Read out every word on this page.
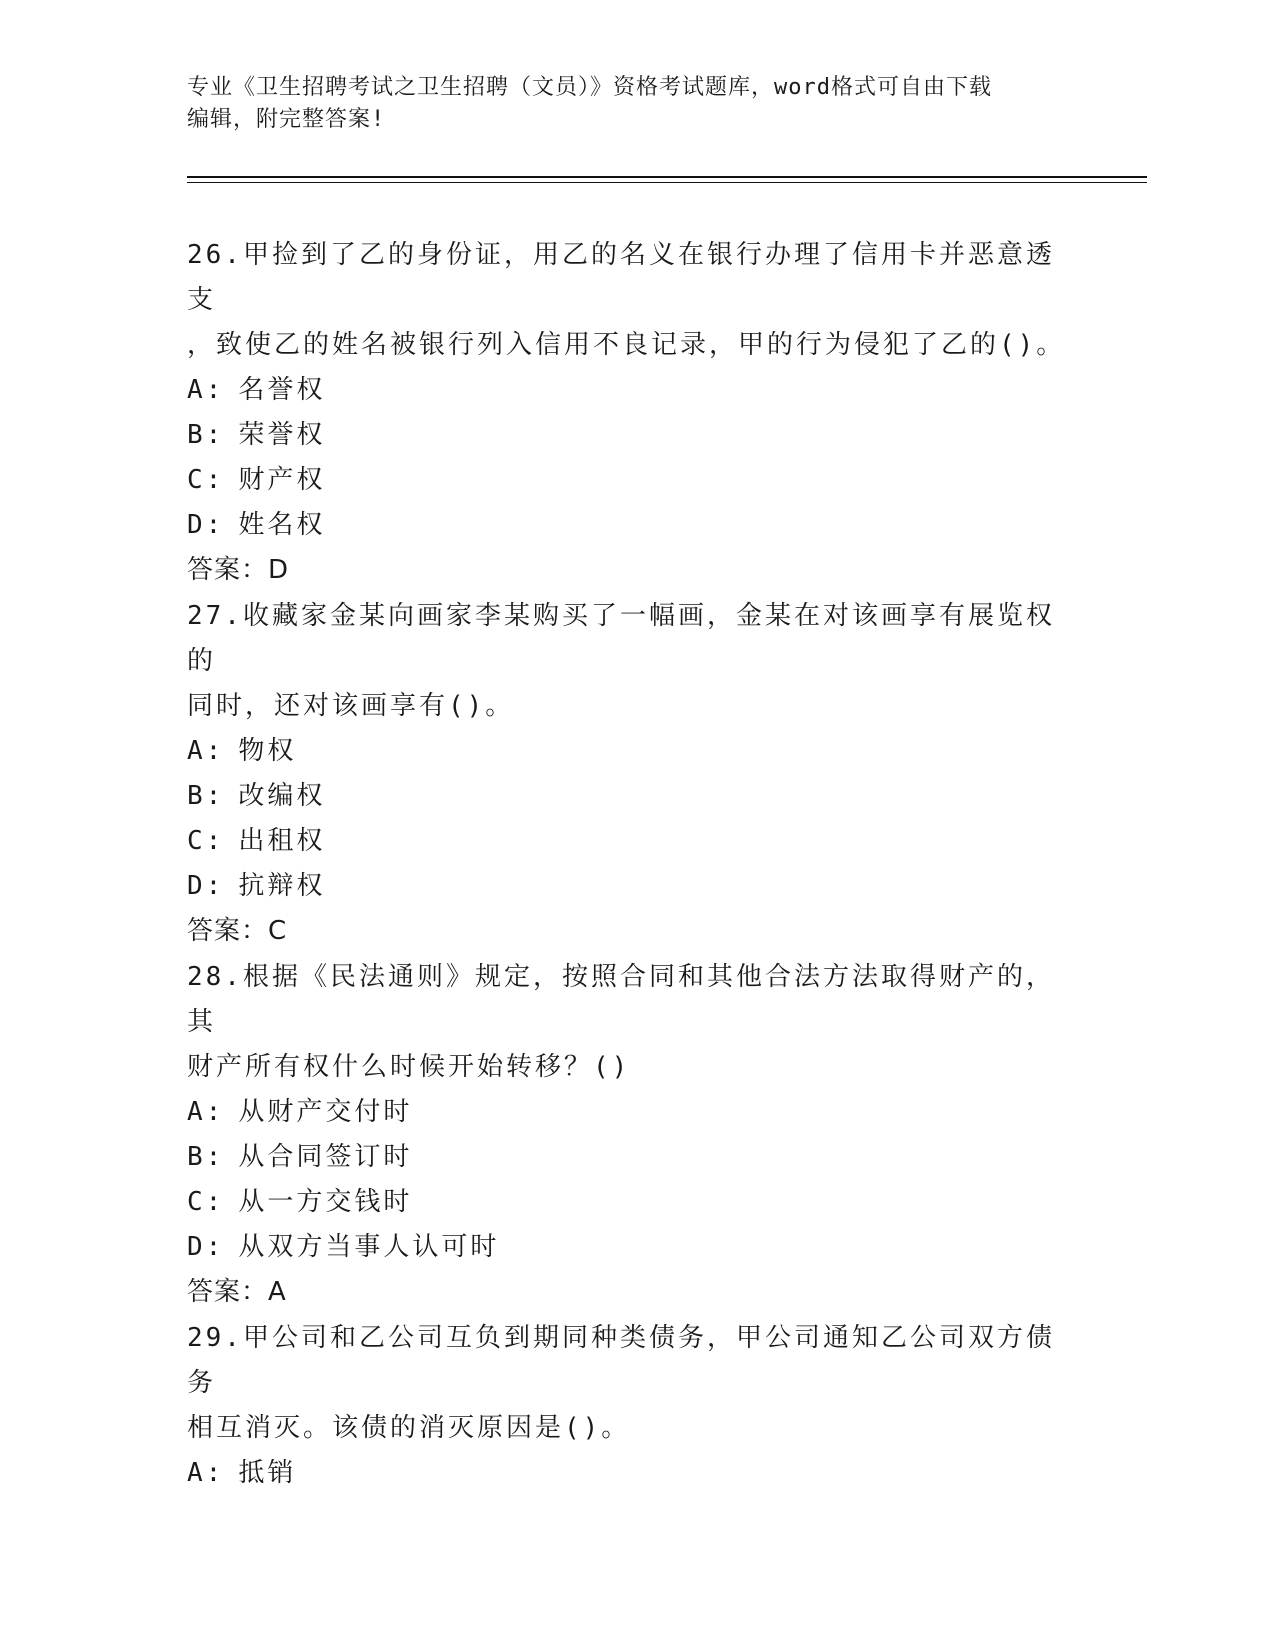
专业《卫生招聘考试之卫生招聘（文员）》资格考试题库，word格式可自由下载
编辑，附完整答案!
26.甲捡到了乙的身份证，用乙的名义在银行办理了信用卡并恶意透支
，致使乙的姓名被银行列入信用不良记录，甲的行为侵犯了乙的()。
A: 名誉权
B: 荣誉权
C: 财产权
D: 姓名权
答案：D
27.收藏家金某向画家李某购买了一幅画，金某在对该画享有展览权的
同时，还对该画享有()。
A: 物权
B: 改编权
C: 出租权
D: 抗辩权
答案：C
28.根据《民法通则》规定，按照合同和其他合法方法取得财产的，其
财产所有权什么时候开始转移？()
A: 从财产交付时
B: 从合同签订时
C: 从一方交钱时
D: 从双方当事人认可时
答案：A
29.甲公司和乙公司互负到期同种类债务，甲公司通知乙公司双方债务
相互消灭。该债的消灭原因是()。
A: 抵销
